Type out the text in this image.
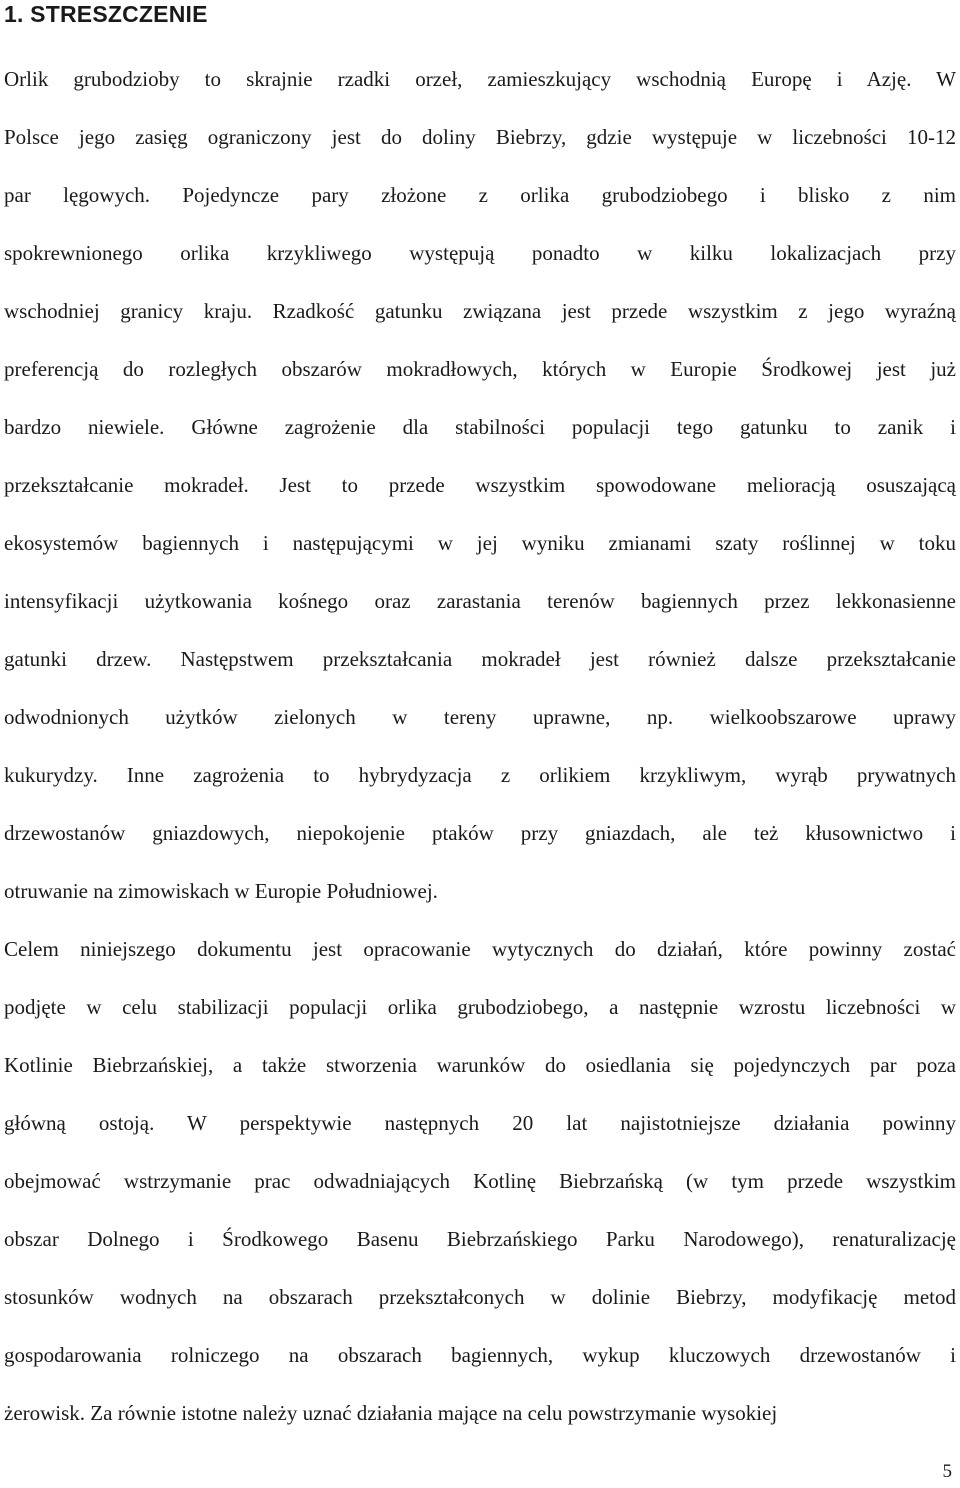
1. STRESZCZENIE
Orlik grubodzioby to skrajnie rzadki orzeł, zamieszkujący wschodnią Europę i Azję. W
Polsce jego zasięg ograniczony jest do doliny Biebrzy, gdzie występuje w liczebności 10-12
par lęgowych. Pojedyncze pary złożone z orlika grubodziobego i blisko z nim
spokrewnionego orlika krzykliwego występują ponadto w kilku lokalizacjach przy
wschodniej granicy kraju. Rzadkość gatunku związana jest przede wszystkim z jego wyraźną
preferencją do rozległych obszarów mokradłowych, których w Europie Środkowej jest już
bardzo niewiele. Główne zagrożenie dla stabilności populacji tego gatunku to zanik i
przekształcanie mokradeł. Jest to przede wszystkim spowodowane melioracją osuszającą
ekosystemów bagiennych i następującymi w jej wyniku zmianami szaty roślinnej w toku
intensyfikacji użytkowania kośnego oraz zarastania terenów bagiennych przez lekkonasienne
gatunki drzew. Następstwem przekształcania mokradeł jest również dalsze przekształcanie
odwodnionych użytków zielonych w tereny uprawne, np. wielkoobszarowe uprawy
kukurydzy. Inne zagrożenia to hybrydyzacja z orlikiem krzykliwym, wyrąb prywatnych
drzewostanów gniazdowych, niepokojenie ptaków przy gniazdach, ale też kłusownictwo i
otruwanie na zimowiskach w Europie Południowej.
Celem niniejszego dokumentu jest opracowanie wytycznych do działań, które powinny zostać
podjęte w celu stabilizacji populacji orlika grubodziobego, a następnie wzrostu liczebności w
Kotlinie Biebrzańskiej, a także stworzenia warunków do osiedlania się pojedynczych par poza
główną ostoją. W perspektywie następnych 20 lat najistotniejsze działania powinny
obejmować wstrzymanie prac odwadniających Kotlinę Biebrzańską (w tym przede wszystkim
obszar Dolnego i Środkowego Basenu Biebrzańskiego Parku Narodowego), renaturalizację
stosunków wodnych na obszarach przekształconych w dolinie Biebrzy, modyfikację metod
gospodarowania rolniczego na obszarach bagiennych, wykup kluczowych drzewostanów i
żerowisk. Za równie istotne należy uznać działania mające na celu powstrzymanie wysokiej
5
